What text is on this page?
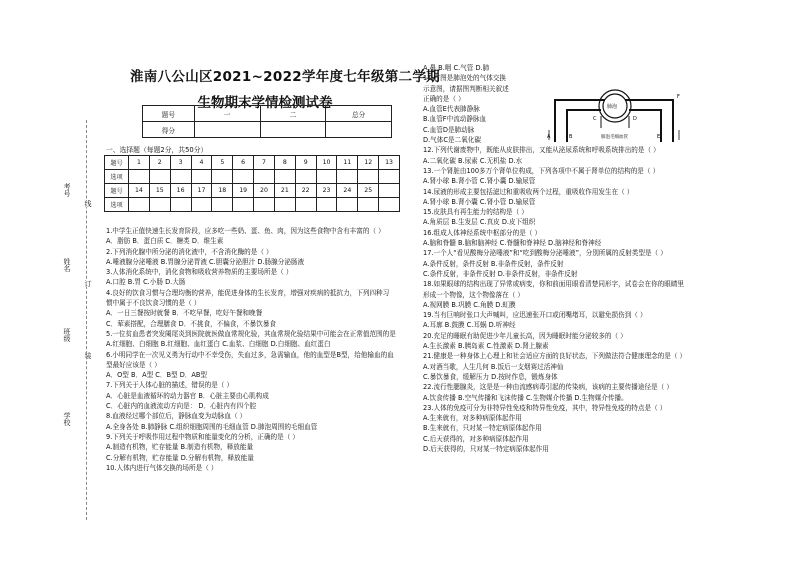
考号
姓名
班级
学校
线
订
装
淮南八公山区2021~2022学年度七年级第二学期
生物期末学情检测试卷
题号	一	二	总分
得分			
一、选择题（每题2分，共50分）
题号	1	2	3	4	5	6	7	8	9	10	11	12	13
选项													
题号	14	15	16	17	18	19	20	21	22	23	24	25	
选项													
1.中学生正值快速生长发育阶段，应多吃一些奶、蛋、鱼、肉，因为这些食物中含有丰富的（ ）
A．脂肪 B．蛋白质 C．糖类 D．维生素
2.下列消化腺中所分泌的消化液中，不含消化酶的是（ ）
A.唾液腺分泌唾液 B.胃腺分泌胃液 C.胆囊分泌胆汁 D.肠腺分泌肠液
3.人体消化系统中，消化食物和吸收营养物质的主要场所是（ ）
A.口腔 B.胃 C.小肠 D.大肠
4.良好的饮食习惯与合理均衡的营养，能促进身体的生长发育，增强对疾病的抵抗力，下列四种习
惯中属于不良饮食习惯的是（ ）
A．一日三餐按时就餐 B．不吃早餐，吃好午餐和晚餐
C．荤素搭配，合理膳食 D．不挑食，不偏食，不暴饮暴食
5.一位贫血患者突发阑尾炎到医院就医做血常规化验，其血常规化验结果中可能会在正常值范围的是
A.红细胞、白细胞 B.红细胞、血红蛋白 C.血浆、白细胞 D.白细胞、血红蛋白
6.小明同学在一次见义勇为行动中不幸受伤，失血过多，急需输血，他的血型是B型，给他输血的血
型最好应该是（ ）
A．O型 B．A型 C．B型 D．AB型
7.下列关于人体心脏的描述，错误的是（ ）
A．心脏是血液循环的动力器官 B．心脏主要由心肌构成
C．心脏内的血液流动方向是： D．心脏内有四个腔
8.血液经过哪个部位后，静脉血变为动脉血（ ）
A.全身各处 B.肺静脉 C.组织细胞周围的毛细血管 D.肺泡周围的毛细血管
9.下列关于呼吸作用过程中物质和能量变化的分析，正确的是（ ）
A.制造有机物，贮存能量 B.制造有机物，释放能量
C.分解有机物，贮存能量 D.分解有机物，释放能量
10.人体内进行气体交换的场所是（ ）
A.鼻 B.咽 C.气管 D.肺
11.右图是肺泡处的气体交换
示意图，请据图判断相关叙述
正确的是（ ）
A.血管E代表肺静脉
B.血管F中流动静脉血
C.血管D是肺动脉
D.气体C是二氧化碳
12.下列代谢废物中，既能从皮肤排出，又能从泌尿系统和呼吸系统排出的是（ ）
A.二氧化碳 B.尿素 C.无机盐 D.水
13.一个肾脏由100多万个肾单位构成，下列各项中不属于肾单位的结构的是（ ）
A.肾小球 B.肾小管 C.肾小囊 D.输尿管
14.尿液的形成主要包括滤过和重吸收两个过程，重吸收作用发生在（ ）
A.肾小球 B.肾小囊 C.肾小管 D.输尿管
15.皮肤具有再生能力的结构是（ ）
A.角质层 B.生发层 C.真皮 D.皮下组织
16.组成人体神经系统中枢部分的是（ ）
A.脑和脊髓 B.脑和脑神经 C.脊髓和脊神经 D.脑神经和脊神经
17.一个人“看见酸梅分泌唾液”和“吃到酸梅分泌唾液”，分别所属的反射类型是（ ）
A.条件反射，条件反射 B.非条件反射，条件反射
C.条件反射，非条件反射 D.非条件反射，非条件反射
18.如果眼球的结构出现了异常或病变，你和前面用眼看清楚同形字，试卷会在你的眼睛里
形成一个物像，这个物像落在（ ）
A.视网膜 B.巩膜 C.角膜 D.虹膜
19.当有巨响时张口大声喊叫，应迅速张开口或闭嘴堵耳，以避免损伤到（ ）
A.耳廓 B.鼓膜 C.耳蜗 D.听神经
20.充足的睡眠有助促进少年儿童长高，因为睡眠时能分泌较多的（ ）
A.生长激素 B.胰岛素 C.性激素 D.肾上腺素
21.健康是一种身体上心理上和社会适应方面的良好状态，下列做法符合健康理念的是（ ）
A.对酒当歌，人生几何 B.饭后一支烟赛过活神仙
C.暴饮暴食，缓解压力 D.按时作息，锻炼身体
22.流行性腮腺炎，这是是一种由流感病毒引起的传染病，该病的主要传播途径是（ ）
A.饮食传播 B.空气传播和飞沫传播 C.生物媒介传播 D.生物媒介传播。
23.人体的免疫可分为非特异性免疫和特异性免疫，其中，特异性免疫的特点是（ ）
A.生来就有，对多种病原体起作用
B.生来就有，只对某一特定病原体起作用
C.后天获得的，对多种病原体起作用
D.后天获得的，只对某一特定病原体起作用
肺泡
肺泡毛细血管
A	B
C	D
E
F
